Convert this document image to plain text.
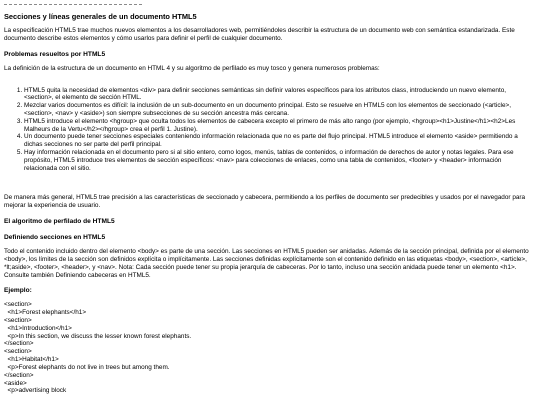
Secciones y líneas generales de un documento HTML5

La especificación HTML5 trae muchos nuevos elementos a los desarrolladores web, permitiéndoles describir la estructura de un documento web con semántica estandarizada. Este documento describe estos elementos y cómo usarlos para definir el perfil de cualquier documento.

Problemas resueltos por HTML5

La definición de la estructura de un documento en HTML 4 y su algoritmo de perfilado es muy tosco y genera numerosos problemas:

1. HTML5 quita la necesidad de elementos <div> para definir secciones semánticas sin definir valores específicos para los atributos class, introduciendo un nuevo elemento, <section>, el elemento de sección HTML.
2. Mezclar varios documentos es difícil: la inclusión de un sub-documento en un documento principal. Esto se resuelve en HTML5 con los elementos de seccionado (<article>, <section>, <nav> y <aside>) son siempre subsecciones de su sección ancestra más cercana.
3. HTML5 introduce el elemento <hgroup> que oculta todos los elementos de cabecera excepto el primero de más alto rango (por ejemplo, <hgroup><h1>Justine</h1><h2>Les Malheurs de la Vertu</h2></hgroup> crea el perfil 1. Justine).
4. Un documento puede tener secciones especiales conteniendo información relacionada que no es parte del flujo principal. HTML5 introduce el elemento <aside> permitiendo a dichas secciones no ser parte del perfil principal.
5. Hay información relacionada en el documento pero si al sitio entero, como logos, menús, tablas de contenidos, o información de derechos de autor y notas legales. Para ese propósito, HTML5 introduce tres elementos de sección específicos: <nav> para colecciones de enlaces, como una tabla de contenidos, <footer> y <header> información relacionada con el sitio.

De manera más general, HTML5 trae precisión a las características de seccionado y cabecera, permitiendo a los perfiles de documento ser predecibles y usados por el navegador para mejorar la experiencia de usuario.

El algoritmo de perfilado de HTML5
Definiendo secciones en HTML5

Todo el contenido incluido dentro del elemento <body> es parte de una sección. Las secciones en HTML5 pueden ser anidadas. Además de la sección principal, definida por el elemento <body>, los límites de la sección son definidos explícita o implícitamente. Las secciones definidas explícitamente son el contenido definido en las etiquetas <body>, <section>, <article>, *lt;aside>, <footer>, <header>, y <nav>. Nota: Cada sección puede tener su propia jerarquía de cabeceras. Por lo tanto, incluso una sección anidada puede tener un elemento <h1>. Consulte también Definiendo cabeceras en HTML5.

Ejemplo:
<section>
<h1>Forest elephants</h1>
<section>
<h1>Introduction</h1>
<p>In this section, we discuss the lesser known forest elephants.
</section>
<section>
<h1>Habitat</h1>
<p>Forest elephants do not live in trees but among them.
</section>
<aside>
<p>advertising block
